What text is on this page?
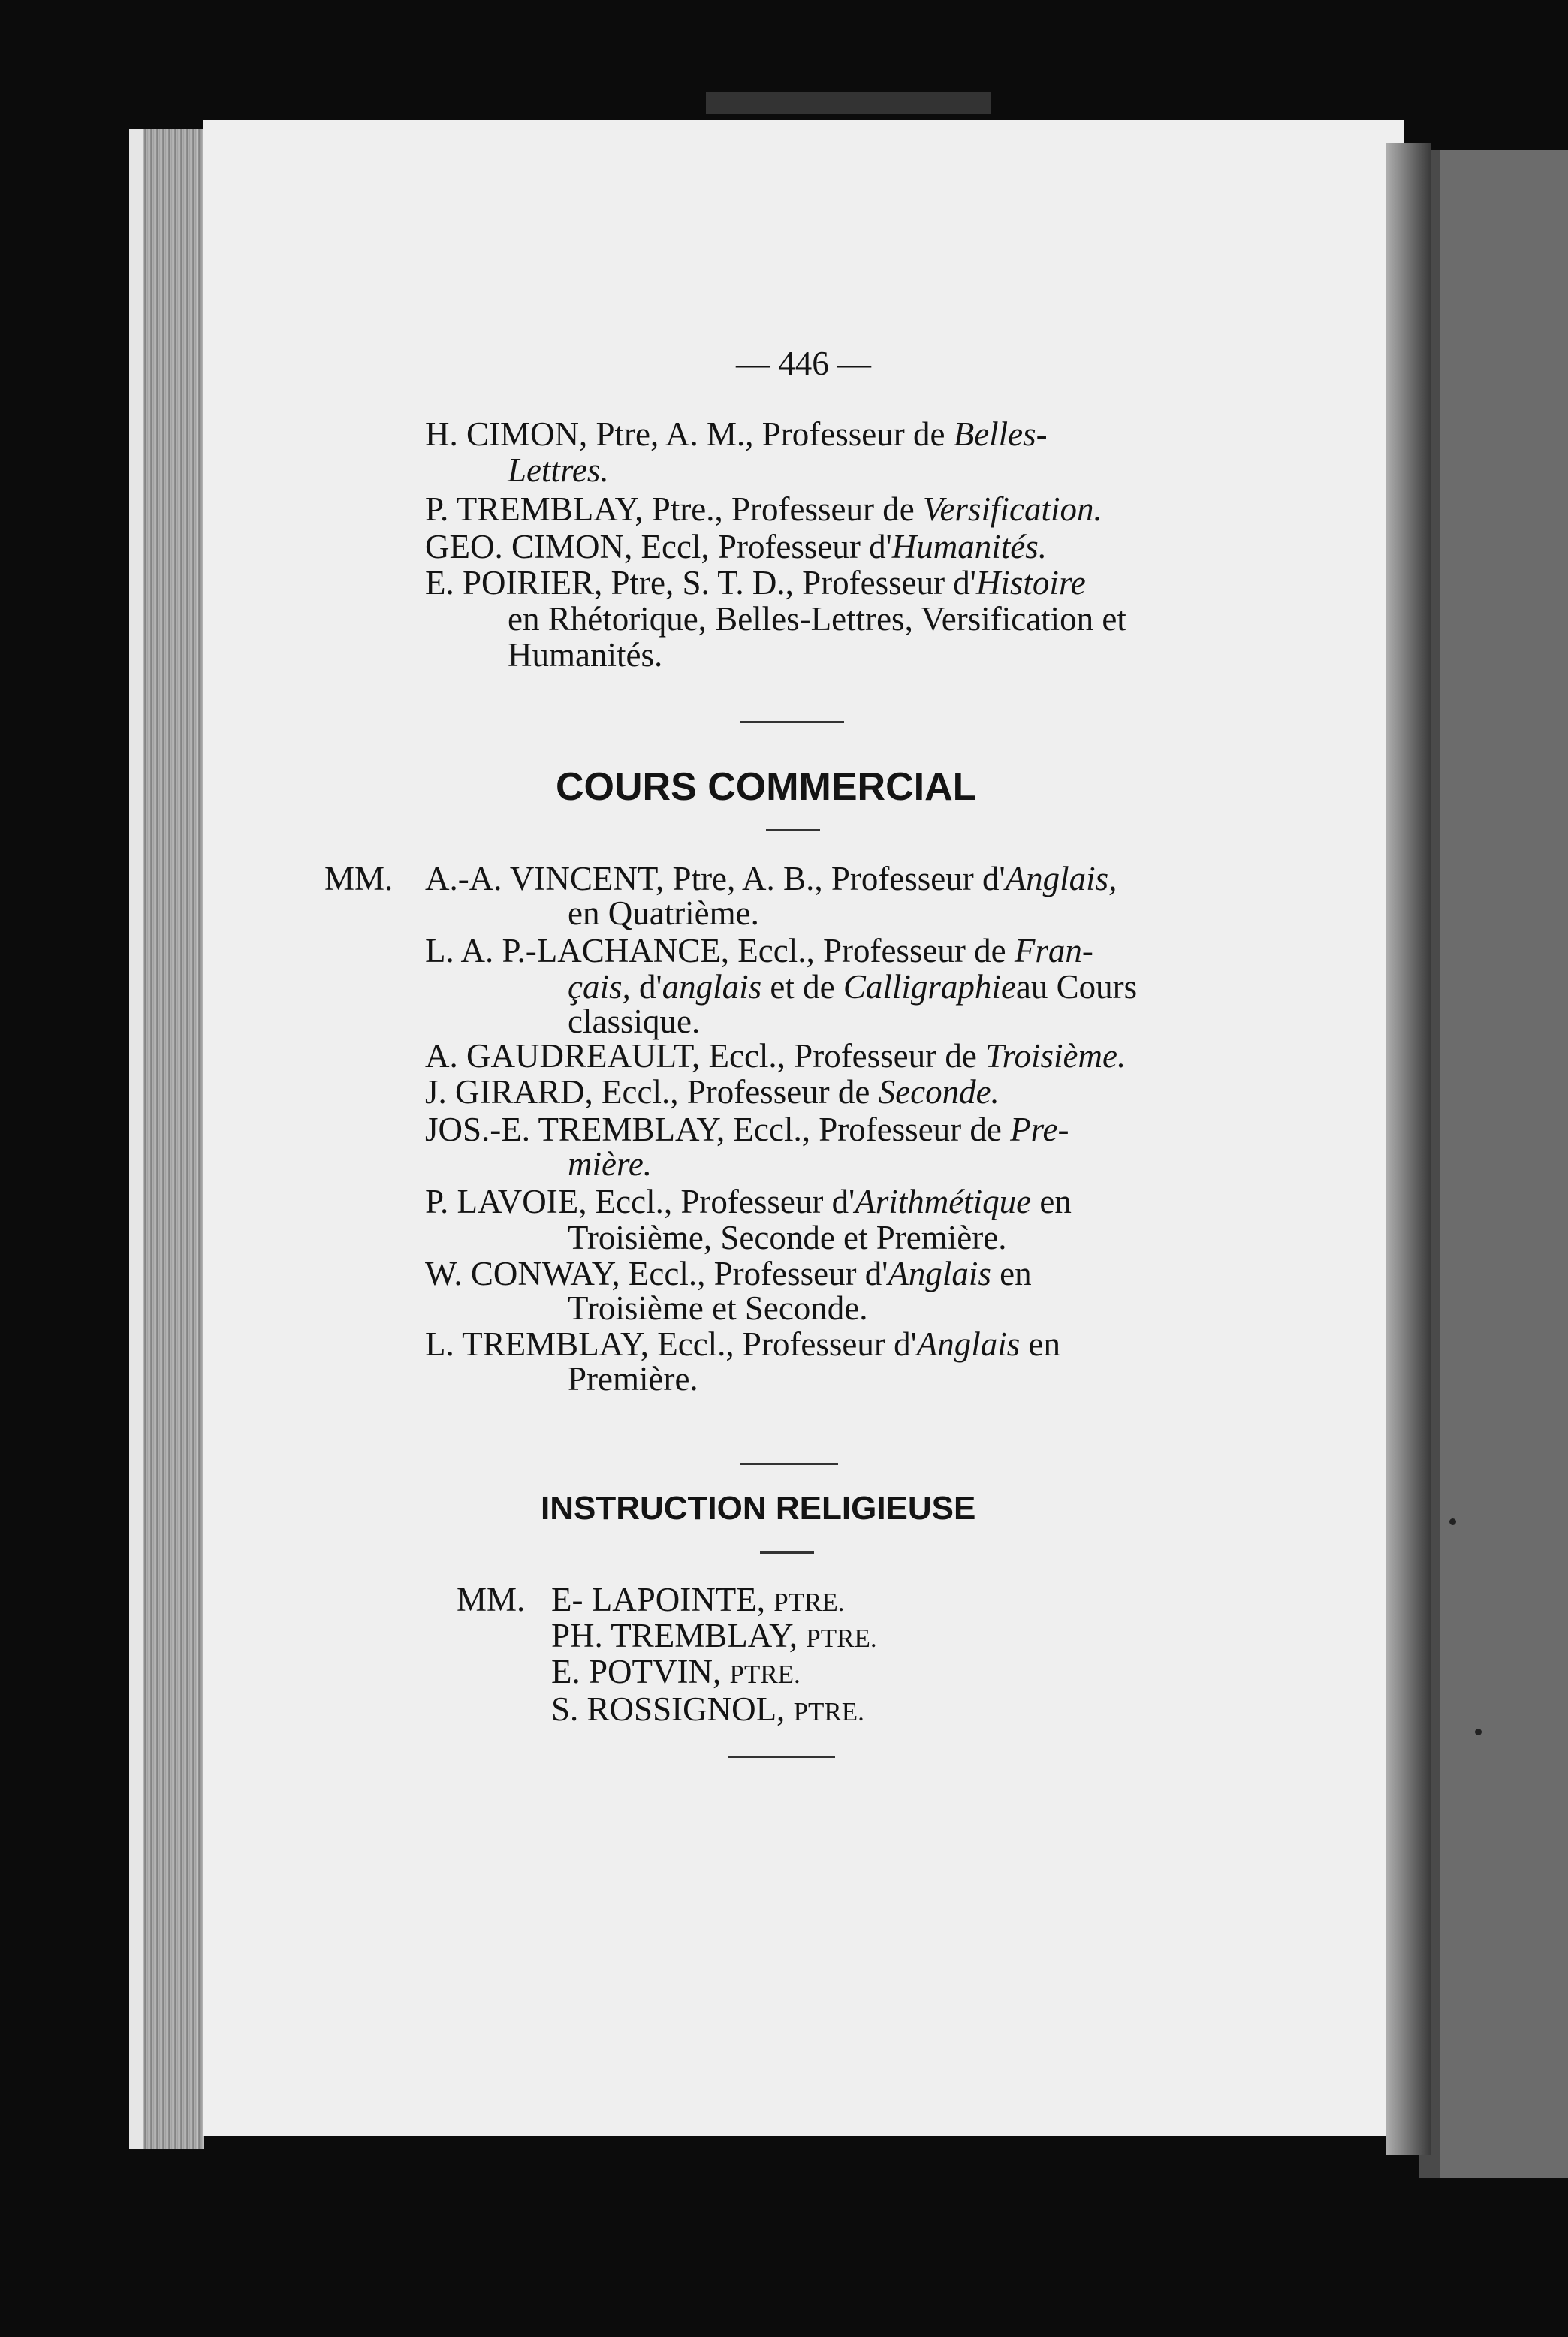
— 446 —
H. CIMON, Ptre, A. M., Professeur de Belles-
Lettres.
P. TREMBLAY, Ptre., Professeur de Versification.
GEO. CIMON, Eccl, Professeur d'Humanités.
E. POIRIER, Ptre, S. T. D., Professeur d'Histoire
en Rhétorique, Belles-Lettres, Versification et
Humanités.
COURS COMMERCIAL
MM. A.-A. VINCENT, Ptre, A. B., Professeur d'Anglais,
en Quatrième.
L. A. P.-LACHANCE, Eccl., Professeur de Fran-
çais, d'anglais et de Calligraphieau Cours
classique.
A. GAUDREAULT, Eccl., Professeur de Troisième.
J. GIRARD, Eccl., Professeur de Seconde.
JOS.-E. TREMBLAY, Eccl., Professeur de Pre-
mière.
P. LAVOIE, Eccl., Professeur d'Arithmétique en
Troisième, Seconde et Première.
W. CONWAY, Eccl., Professeur d'Anglais en
Troisième et Seconde.
L. TREMBLAY, Eccl., Professeur d'Anglais en
Première.
INSTRUCTION RELIGIEUSE
MM. E- LAPOINTE, PTRE.
PH. TREMBLAY, PTRE.
E. POTVIN, PTRE.
S. ROSSIGNOL, PTRE.
